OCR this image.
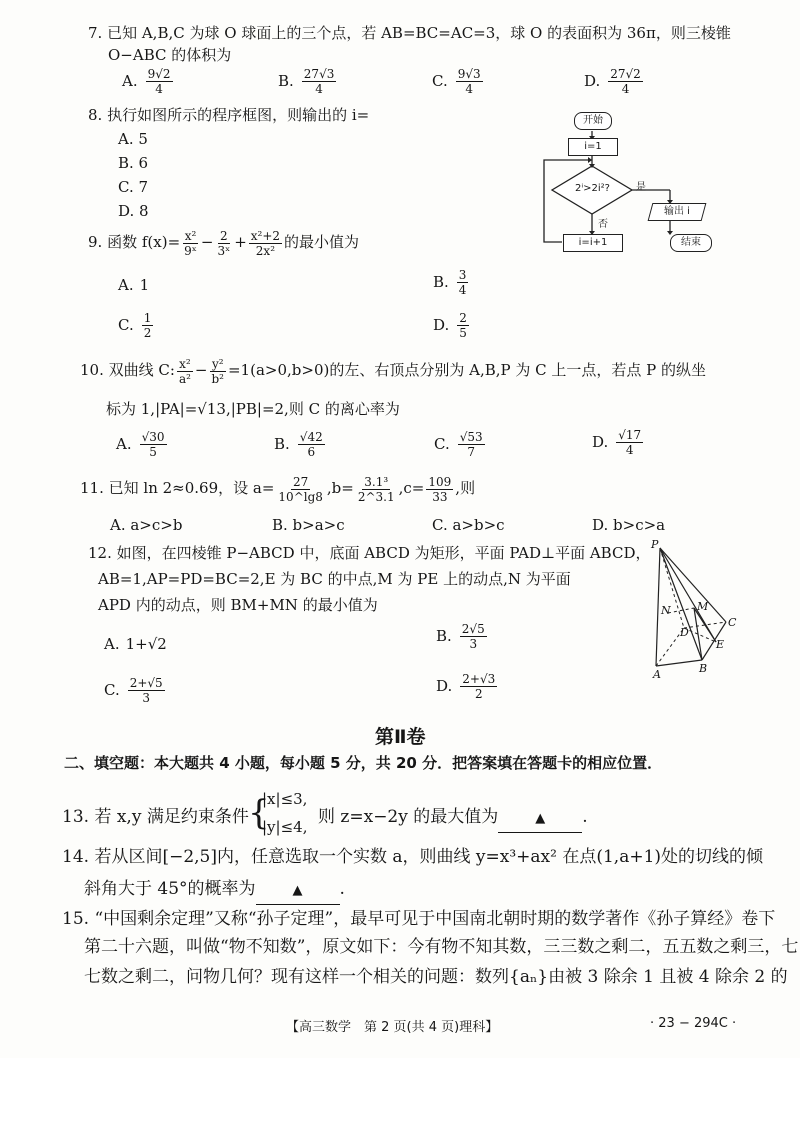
7. 已知 A,B,C 为球 O 球面上的三个点，若 AB=BC=AC=3，球 O 的表面积为 36π，则三棱锥
O−ABC 的体积为
A. $\frac{9√2}{4}$	B. $\frac{27√3}{4}$	C. $\frac{9√3}{4}$	D. $\frac{27√2}{4}$
8. 执行如图所示的程序框图，则输出的 i=
A. 5
B. 6
C. 7
D. 8
开始
i=1
2ⁱ>2i²?	是
否
输出 i
结束
i=i+1
9. 函数 $f(x)= \frac{\text{x²}}{\text{9ˣ}} - \frac{2}{\text{3ˣ}} + \frac{\text{x²+2}}{\text{2x²}}$ 的最小值为
A. 1	B. $\frac{3}{4}$
C. $\frac{1}{2}$	D. $\frac{2}{5}$
10. 双曲线 C: $\frac{\text{x²}}{\text{a²}} - \frac{\text{y²}}{\text{b²}} =1(a>0,b>0)$的左、右顶点分别为 A,B,P 为 C 上一点，若点 P 的纵坐
标为 1,|PA|=√13,|PB|=2,则 C 的离心率为
A. $\frac{√30}{5}$	B. $\frac{√42}{6}$	C. $\frac{√53}{7}$	D. $\frac{√17}{4}$
11. 已知 ln 2≈0.69，设 $a= \frac{27}{10\^{}\lg 8} ,b= \frac{\text{3.1³}}{2\^{}3.1} ,c= \frac{109}{33}$ ,则
A. a>c>b	B. b>a>c	C. a>b>c	D. b>c>a
12. 如图，在四棱锥 P−ABCD 中，底面 ABCD 为矩形，平面 PAD⊥平面 ABCD，
AB=1,AP=PD=BC=2,E 为 BC 的中点,M 为 PE 上的动点,N 为平面
APD 内的动点，则 BM+MN 的最小值为
A. 1+√2	B. $\frac{2√5}{3}$
C. $\frac{2+√5}{3}$	D. $\frac{2+√3}{2}$
P
N M
D
C
E
A	B
第Ⅱ卷
二、填空题：本大题共 4 小题，每小题 5 分，共 20 分．把答案填在答题卡的相应位置．
13. 若 x,y 满足约束条件 {
|x|≤3,
|y|≤4, 则 z=x−2y 的最大值为	▲ .
14. 若从区间[−2,5]内，任意选取一个实数 a，则曲线 y=x³+ax² 在点(1,a+1)处的切线的倾
斜角大于 45°的概率为	▲ .
15. “中国剩余定理”又称“孙子定理”，最早可见于中国南北朝时期的数学著作《孙子算经》卷下
第二十六题，叫做“物不知数”，原文如下：今有物不知其数，三三数之剩二，五五数之剩三，七
七数之剩二，问物几何？现有这样一个相关的问题：数列{aₙ}由被 3 除余 1 且被 4 除余 2 的
【高三数学　第 2 页(共 4 页)理科】	· 23 − 294C ·
